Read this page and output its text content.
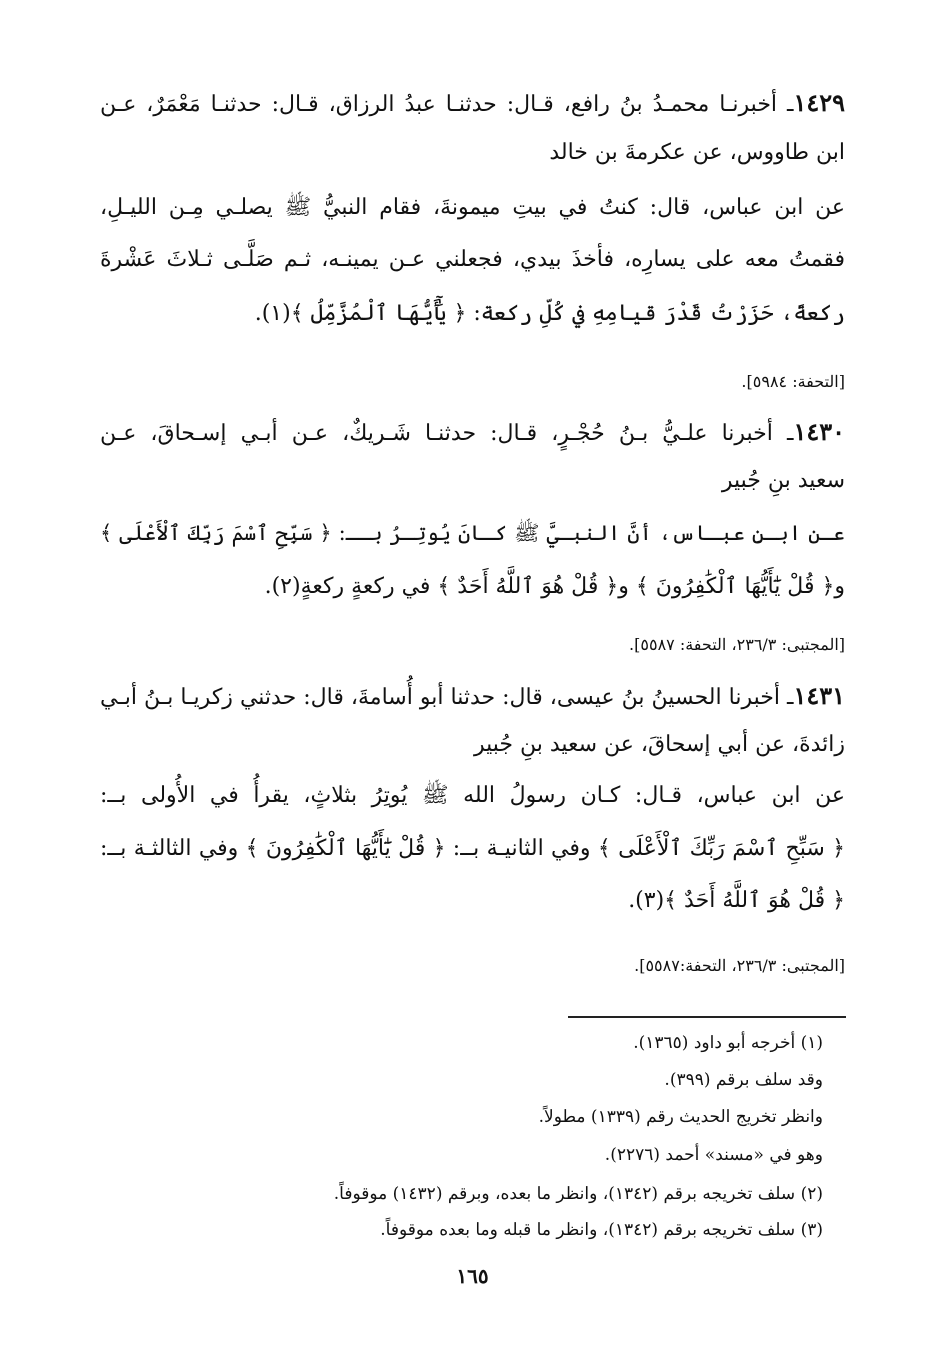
١٤٢٩ـ أخبرنـا محمـدُ بنُ رافع، قـال: حدثنـا عبدُ الرزاق، قـال: حدثنـا مَعْمَرٌ، عـن
ابن طاووس، عن عكرمةَ بن خالد
عن ابن عباس، قال: كنتُ في بيتِ ميمونةَ، فقام النبيُّ ﷺ يصلـي مِـن الليـلِ،
فقمتُ معه على يسارِه، فأخذَ بيدي، فجعلني عـن يمينـه، ثـم صَلَّـى ثـلاثَ عَشْرةَ
ركعةً، حَزَرْتُ قَدْرَ قيامِهِ في كُلِّ ركعة: ﴿ يَٰٓأَيُّهَا ٱلْمُزَّمِّلُ ﴾(١).
[التحفة: ٥٩٨٤].
١٤٣٠ـ أخبرنا علـيُّ بـنُ حُجْـرٍ، قـال: حدثنـا شَـريكٌ، عـن أبـي إسـحاقَ، عـن
سعيد بنِ جُبير
عـن ابـنِ عبـاس، أنَّ النبـيَّ ﷺ كـانَ يُوتِـرُ بــ: ﴿ سَبِّحِ ٱسْمَ رَبِّكَ ٱلْأَعْلَى ﴾
و﴿ قُلْ يَٰٓأَيُّهَا ٱلْكَٰفِرُونَ ﴾ و﴿ قُلْ هُوَ ٱللَّهُ أَحَدٌ ﴾ في ركعةٍ ركعةٍ(٢).
[المجتبى: ٢٣٦/٣، التحفة: ٥٥٨٧].
١٤٣١ـ أخبرنا الحسينُ بنُ عيسى، قال: حدثنا أبو أُسامةَ، قال: حدثني زكريـا بـنُ أبـي
زائدةَ، عن أبي إسحاقَ، عن سعيد بنِ جُبير
عن ابن عباس، قـال: كـان رسولُ الله ﷺ يُوتِرُ بثلاثٍ، يقرأُ في الأُولى بــ:
﴿ سَبِّحِ ٱسْمَ رَبِّكَ ٱلْأَعْلَى ﴾ وفي الثانيـة بــ: ﴿ قُلْ يَٰٓأَيُّهَا ٱلْكَٰفِرُونَ ﴾ وفي الثالثـة بــ:
﴿ قُلْ هُوَ ٱللَّهُ أَحَدٌ ﴾(٣).
[المجتبى: ٢٣٦/٣، التحفة:٥٥٨٧].
(١) أخرجه أبو داود (١٣٦٥).
وقد سلف برقم (٣٩٩).
وانظر تخريج الحديث رقم (١٣٣٩) مطولاً.
وهو في «مسند» أحمد (٢٢٧٦).
(٢) سلف تخريجه برقم (١٣٤٢)، وانظر ما بعده، وبرقم (١٤٣٢) موقوفاً.
(٣) سلف تخريجه برقم (١٣٤٢)، وانظر ما قبله وما بعده موقوفاً.
١٦٥
